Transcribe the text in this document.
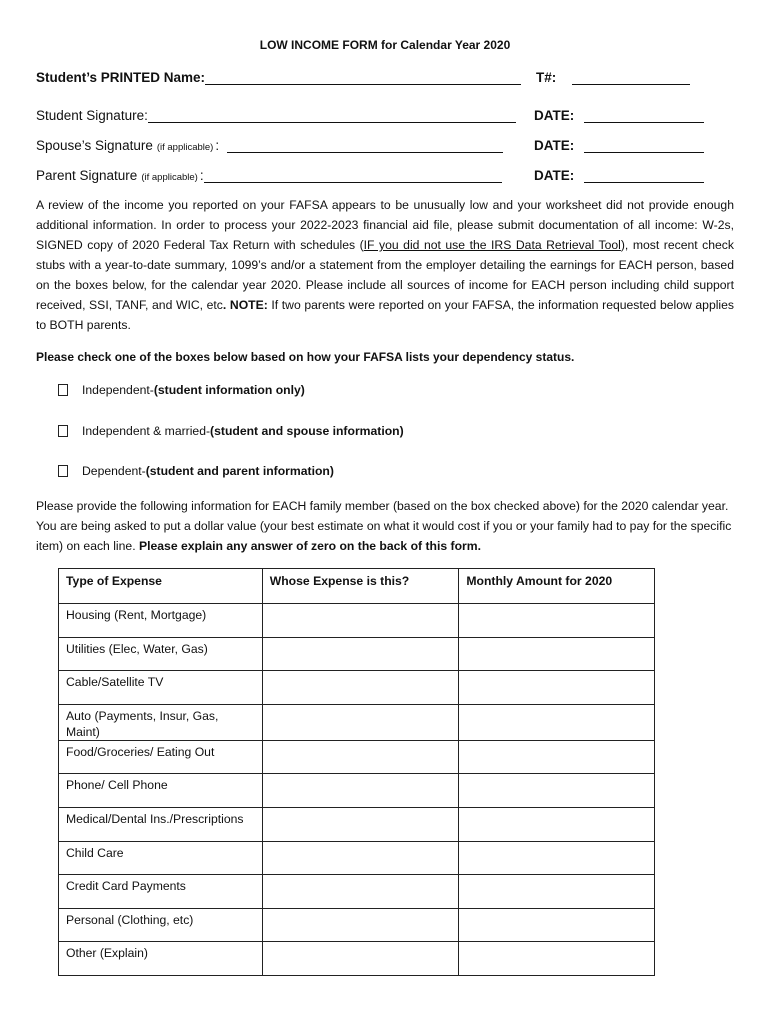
LOW INCOME FORM for Calendar Year 2020
Student’s PRINTED Name:	T#:
Student Signature:	DATE:
Spouse’s Signature (if applicable) :	DATE:
Parent Signature (if applicable) :	DATE:
A review of the income you reported on your FAFSA appears to be unusually low and your worksheet did not provide enough additional information. In order to process your 2022-2023 financial aid file, please submit documentation of all income: W-2s, SIGNED copy of 2020 Federal Tax Return with schedules (IF you did not use the IRS Data Retrieval Tool), most recent check stubs with a year-to-date summary, 1099’s and/or a statement from the employer detailing the earnings for EACH person, based on the boxes below, for the calendar year 2020. Please include all sources of income for EACH person including child support received, SSI, TANF, and WIC, etc. NOTE: If two parents were reported on your FAFSA, the information requested below applies to BOTH parents.
Please check one of the boxes below based on how your FAFSA lists your dependency status.
Independent- (student information only)
Independent & married- (student and spouse information)
Dependent- (student and parent information)
Please provide the following information for EACH family member (based on the box checked above) for the 2020 calendar year. You are being asked to put a dollar value (your best estimate on what it would cost if you or your family had to pay for the specific item) on each line. Please explain any answer of zero on the back of this form.
Type of Expense	Whose Expense is this?	Monthly Amount for 2020
Housing (Rent, Mortgage)		
Utilities (Elec, Water, Gas)		
Cable/Satellite TV		
Auto (Payments, Insur, Gas, Maint)		
Food/Groceries/ Eating Out		
Phone/ Cell Phone		
Medical/Dental Ins./Prescriptions		
Child Care		
Credit Card Payments		
Personal (Clothing, etc)		
Other (Explain)		
